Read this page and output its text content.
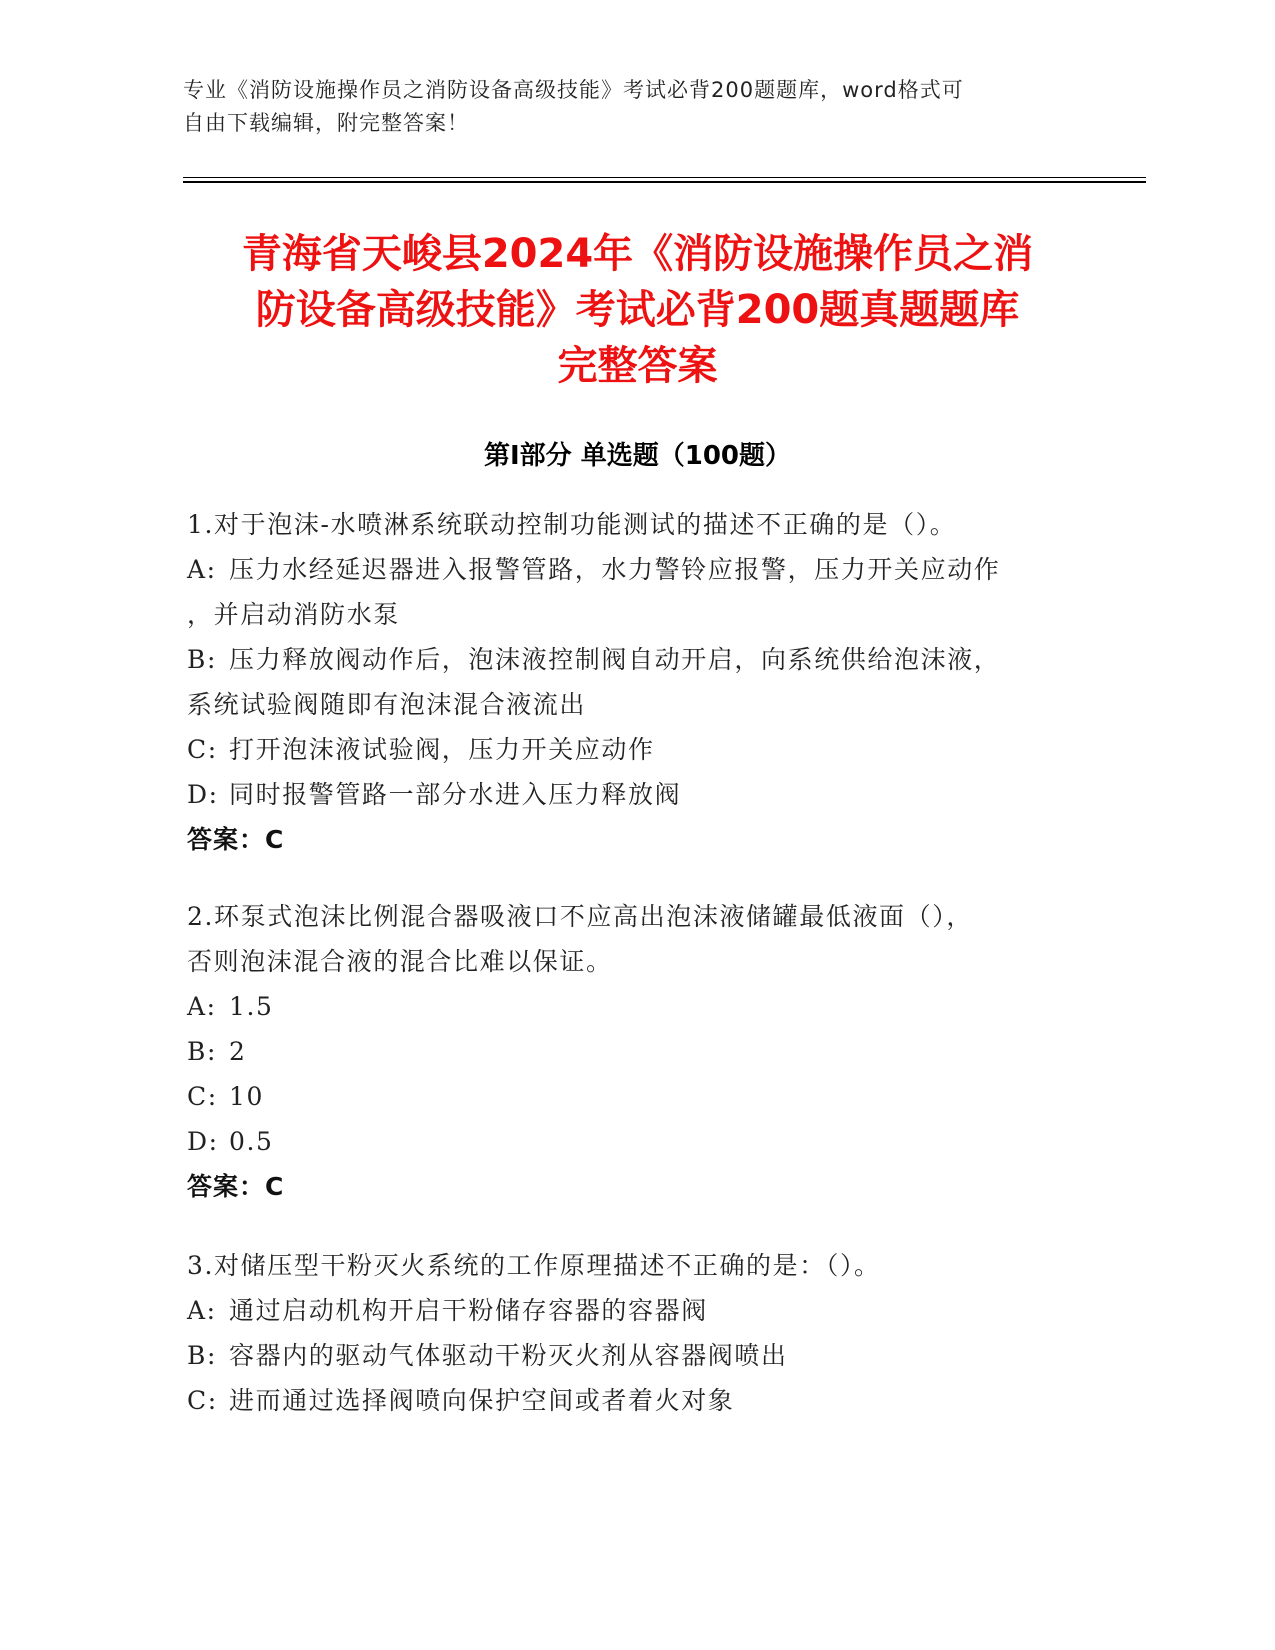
专业《消防设施操作员之消防设备高级技能》考试必背200题题库，word格式可
自由下载编辑，附完整答案！
青海省天峻县2024年《消防设施操作员之消
防设备高级技能》考试必背200题真题题库
完整答案
第Ⅰ部分 单选题（100题）
1.对于泡沫-水喷淋系统联动控制功能测试的描述不正确的是（）。
A: 压力水经延迟器进入报警管路，水力警铃应报警，压力开关应动作
，并启动消防水泵
B: 压力释放阀动作后，泡沫液控制阀自动开启，向系统供给泡沫液，
系统试验阀随即有泡沫混合液流出
C: 打开泡沫液试验阀，压力开关应动作
D: 同时报警管路一部分水进入压力释放阀
答案：C
2.环泵式泡沫比例混合器吸液口不应高出泡沫液储罐最低液面（），
否则泡沫混合液的混合比难以保证。
A: 1.5
B: 2
C: 10
D: 0.5
答案：C
3.对储压型干粉灭火系统的工作原理描述不正确的是：（）。
A: 通过启动机构开启干粉储存容器的容器阀
B: 容器内的驱动气体驱动干粉灭火剂从容器阀喷出
C: 进而通过选择阀喷向保护空间或者着火对象
